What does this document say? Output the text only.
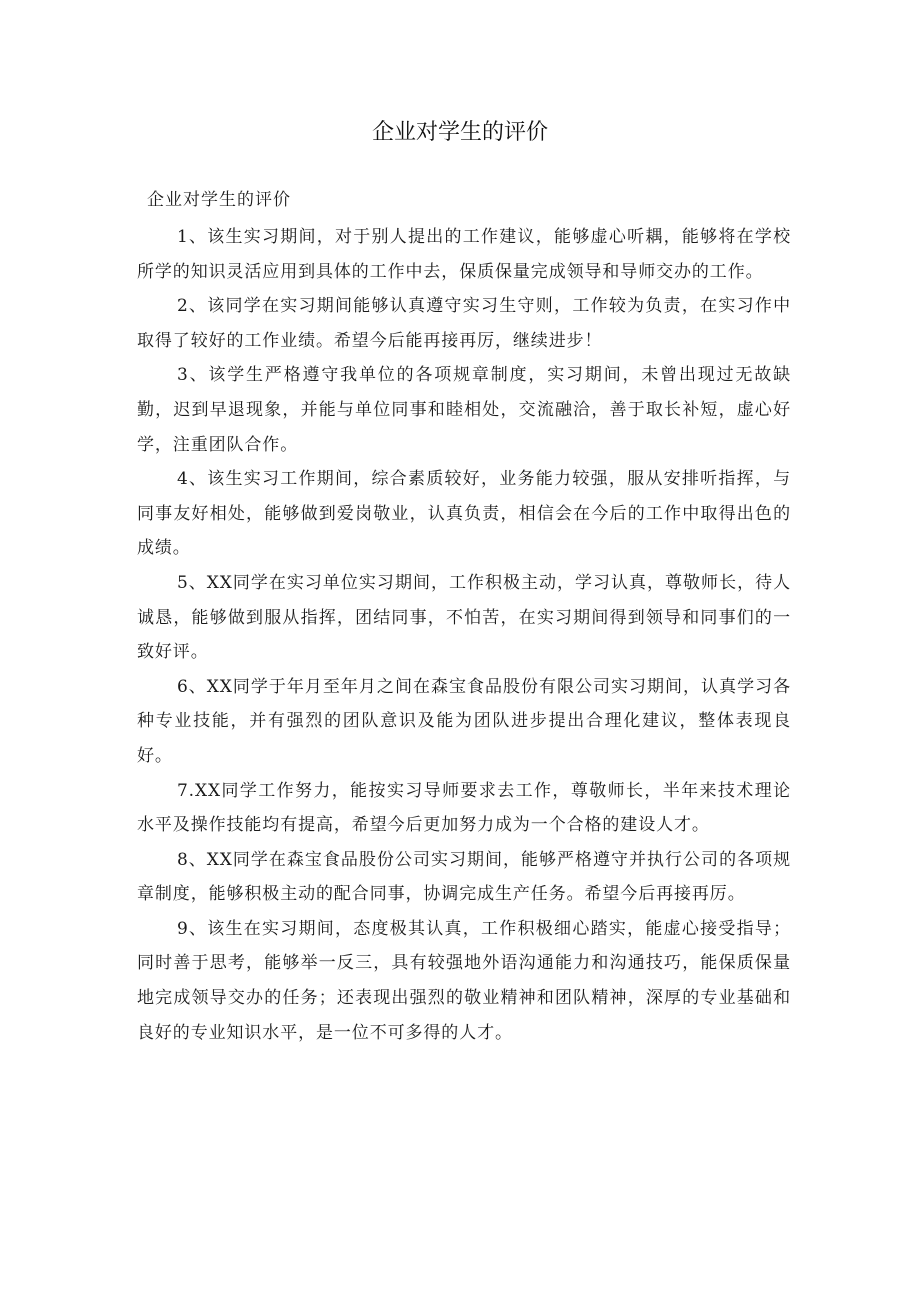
企业对学生的评价
企业对学生的评价

1、该生实习期间，对于别人提出的工作建议，能够虚心听耦，能够将在学校所学的知识灵活应用到具体的工作中去，保质保量完成领导和导师交办的工作。

2、该同学在实习期间能够认真遵守实习生守则，工作较为负责，在实习作中取得了较好的工作业绩。希望今后能再接再厉，继续进步！

3、该学生严格遵守我单位的各项规章制度，实习期间，未曾出现过无故缺勤，迟到早退现象，并能与单位同事和睦相处，交流融洽，善于取长补短，虚心好学，注重团队合作。

4、该生实习工作期间，综合素质较好，业务能力较强，服从安排听指挥，与同事友好相处，能够做到爱岗敬业，认真负责，相信会在今后的工作中取得出色的成绩。

5、XX同学在实习单位实习期间，工作积极主动，学习认真，尊敬师长，待人诚恳，能够做到服从指挥，团结同事，不怕苦，在实习期间得到领导和同事们的一致好评。

6、XX同学于年月至年月之间在森宝食品股份有限公司实习期间，认真学习各种专业技能，并有强烈的团队意识及能为团队进步提出合理化建议，整体表现良好。

7.XX同学工作努力，能按实习导师要求去工作，尊敬师长，半年来技术理论水平及操作技能均有提高，希望今后更加努力成为一个合格的建设人才。

8、XX同学在森宝食品股份公司实习期间，能够严格遵守并执行公司的各项规章制度，能够积极主动的配合同事，协调完成生产任务。希望今后再接再厉。

9、该生在实习期间，态度极其认真，工作积极细心踏实，能虚心接受指导；同时善于思考，能够举一反三，具有较强地外语沟通能力和沟通技巧，能保质保量地完成领导交办的任务；还表现出强烈的敬业精神和团队精神，深厚的专业基础和良好的专业知识水平，是一位不可多得的人才。
